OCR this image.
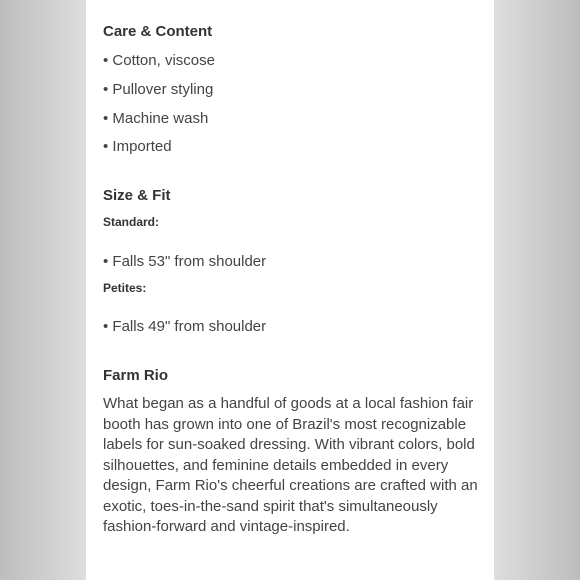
Care & Content
• Cotton, viscose
• Pullover styling
• Machine wash
• Imported
Size & Fit
Standard:
• Falls 53" from shoulder
Petites:
• Falls 49" from shoulder
Farm Rio
What began as a handful of goods at a local fashion fair booth has grown into one of Brazil's most recognizable labels for sun-soaked dressing. With vibrant colors, bold silhouettes, and feminine details embedded in every design, Farm Rio's cheerful creations are crafted with an exotic, toes-in-the-sand spirit that's simultaneously fashion-forward and vintage-inspired.
